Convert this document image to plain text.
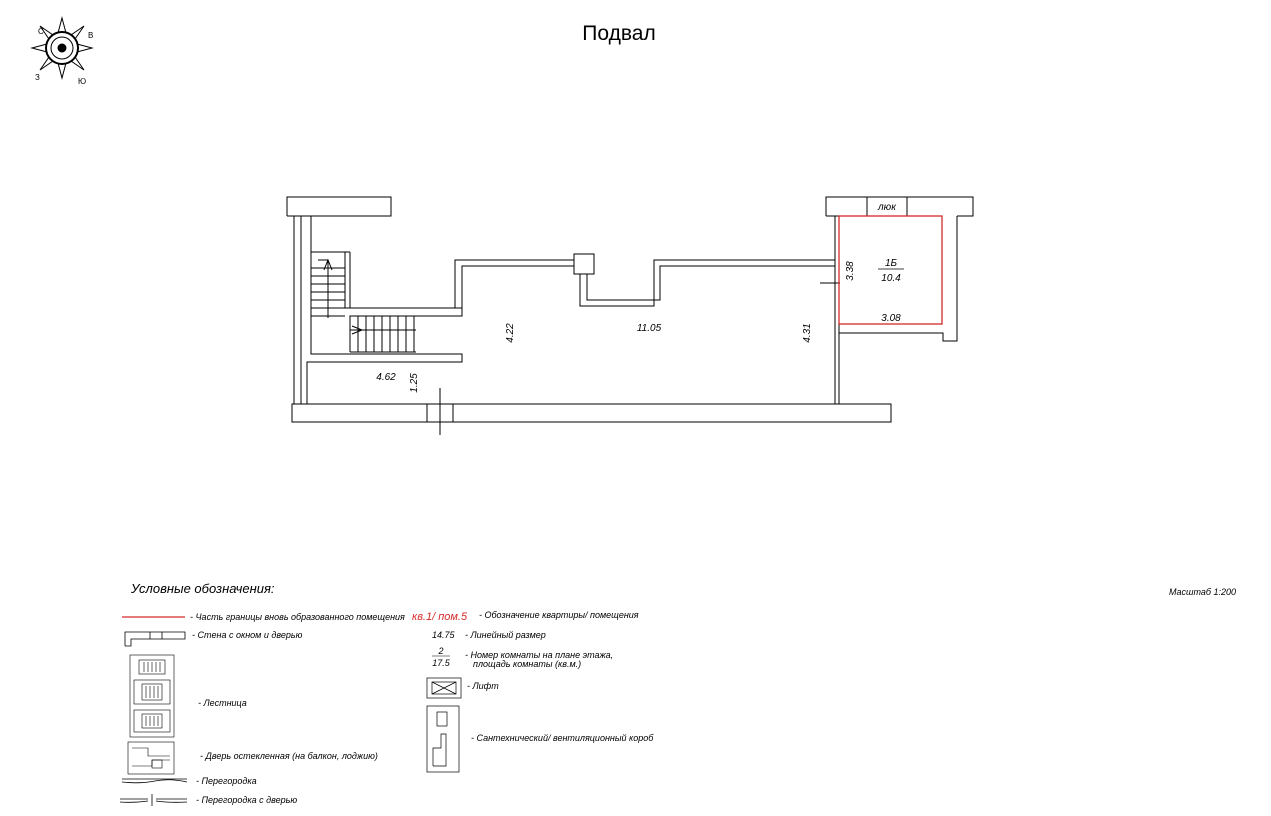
Подвал
С	В
Ю
З
люк
1Б
10.4
3.38
3.08
11.05
4.22	4.31
4.62 1.25
Масштаб 1:200
Условные обозначения:
- Часть границы вновь образованного помещения кв.1/ пом.5 - Обозначение квартиры/ помещения
- Стена с окном и дверью	14.75 - Линейный размер
2
17.5
- Номер комнаты на плане этажа,
площадь комнаты (кв.м.)
- Лестница
- Лифт
- Дверь остекленная (на балкон, лоджию)
- Сантехнический/ вентиляционный короб
- Перегородка
- Перегородка с дверью
